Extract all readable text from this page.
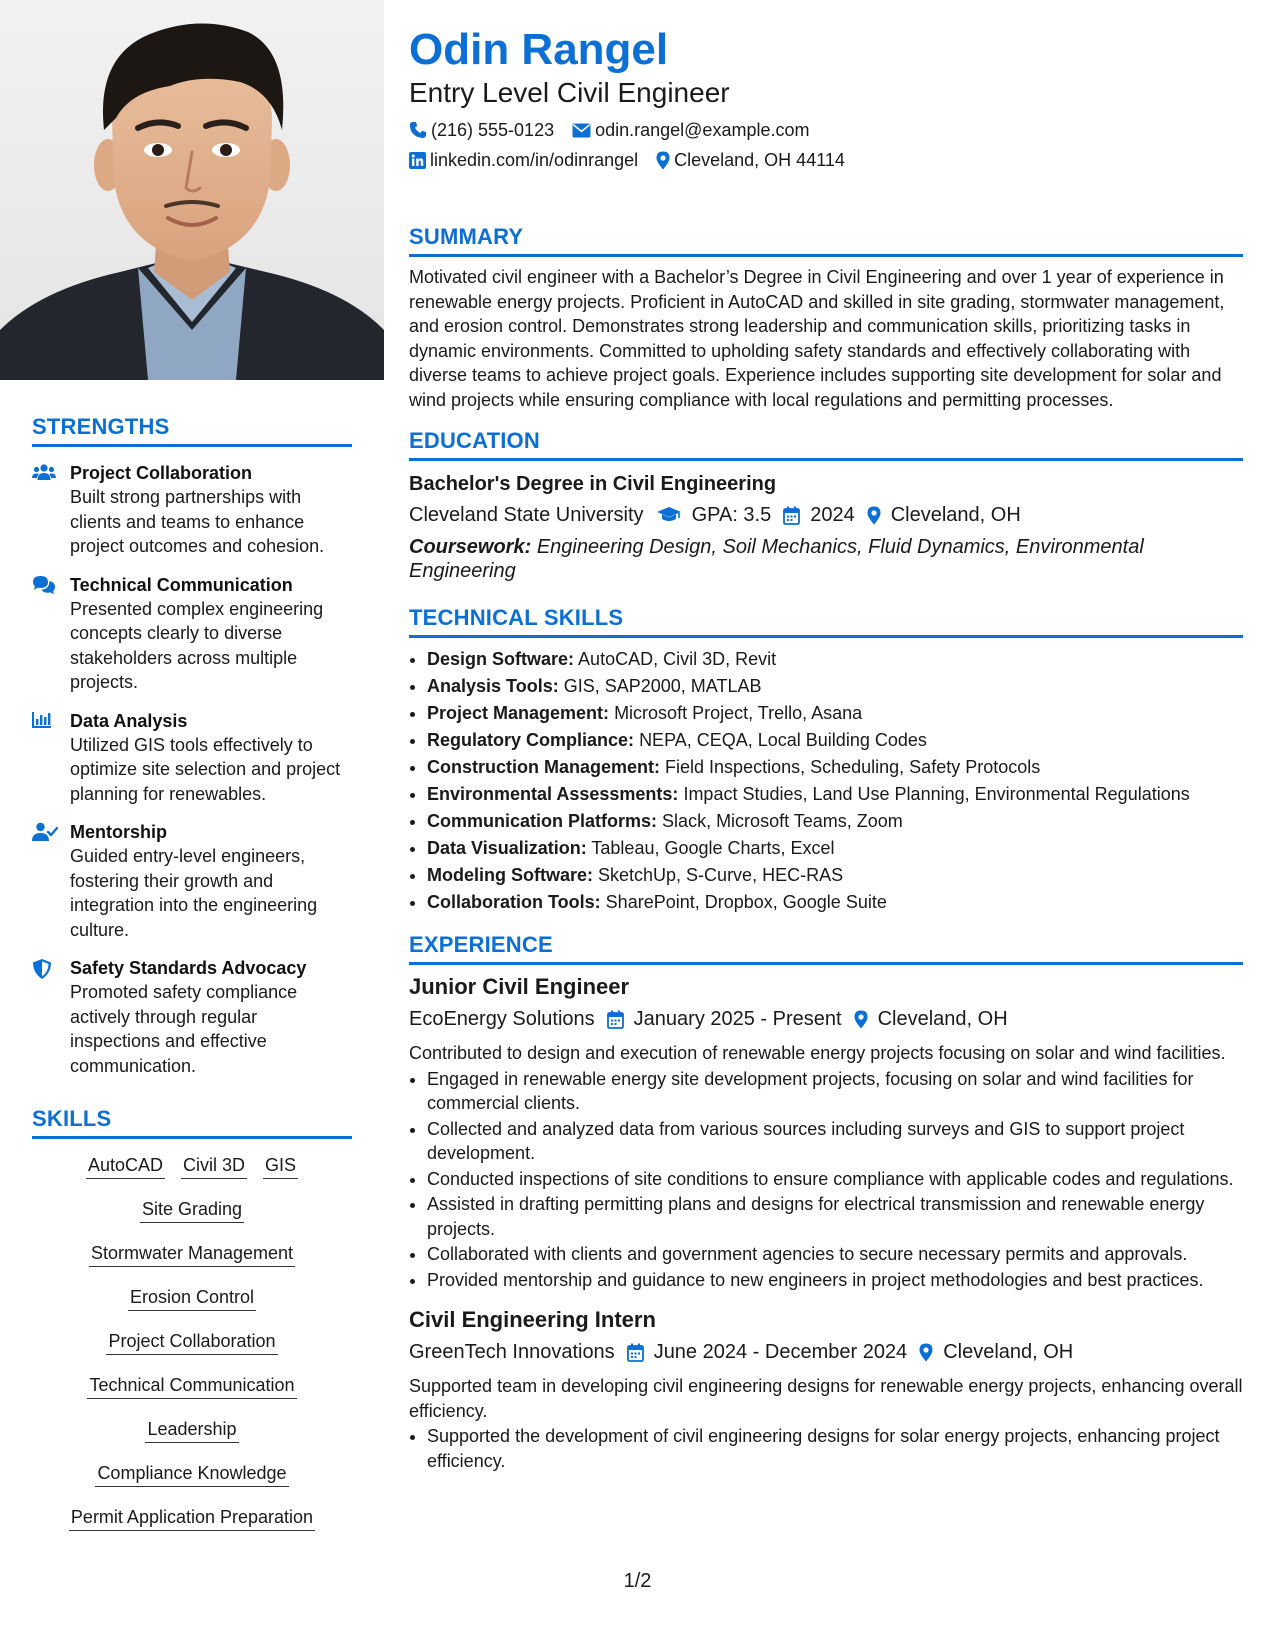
STRENGTHS
Project Collaboration
Built strong partnerships with clients and teams to enhance project outcomes and cohesion.
Technical Communication
Presented complex engineering concepts clearly to diverse stakeholders across multiple projects.
Data Analysis
Utilized GIS tools effectively to optimize site selection and project planning for renewables.
Mentorship
Guided entry-level engineers, fostering their growth and integration into the engineering culture.
Safety Standards Advocacy
Promoted safety compliance actively through regular inspections and effective communication.
SKILLS
AutoCAD Civil 3D GIS
Site Grading
Stormwater Management
Erosion Control
Project Collaboration
Technical Communication
Leadership
Compliance Knowledge
Permit Application Preparation
Odin Rangel
Entry Level Civil Engineer
(216) 555-0123 odin.rangel@example.com
linkedin.com/in/odinrangel Cleveland, OH 44114
SUMMARY
Motivated civil engineer with a Bachelor’s Degree in Civil Engineering and over 1 year of experience in renewable energy projects. Proficient in AutoCAD and skilled in site grading, stormwater management, and erosion control. Demonstrates strong leadership and communication skills, prioritizing tasks in dynamic environments. Committed to upholding safety standards and effectively collaborating with diverse teams to achieve project goals. Experience includes supporting site development for solar and wind projects while ensuring compliance with local regulations and permitting processes.
EDUCATION
Bachelor's Degree in Civil Engineering
Cleveland State University GPA: 3.5 2024 Cleveland, OH
Coursework: Engineering Design, Soil Mechanics, Fluid Dynamics, Environmental Engineering
TECHNICAL SKILLS
• Design Software: AutoCAD, Civil 3D, Revit
• Analysis Tools: GIS, SAP2000, MATLAB
• Project Management: Microsoft Project, Trello, Asana
• Regulatory Compliance: NEPA, CEQA, Local Building Codes
• Construction Management: Field Inspections, Scheduling, Safety Protocols
• Environmental Assessments: Impact Studies, Land Use Planning, Environmental Regulations
• Communication Platforms: Slack, Microsoft Teams, Zoom
• Data Visualization: Tableau, Google Charts, Excel
• Modeling Software: SketchUp, S-Curve, HEC-RAS
• Collaboration Tools: SharePoint, Dropbox, Google Suite
EXPERIENCE
Junior Civil Engineer
EcoEnergy Solutions January 2025 - Present Cleveland, OH
Contributed to design and execution of renewable energy projects focusing on solar and wind facilities.
• Engaged in renewable energy site development projects, focusing on solar and wind facilities for commercial clients.
• Collected and analyzed data from various sources including surveys and GIS to support project development.
• Conducted inspections of site conditions to ensure compliance with applicable codes and regulations.
• Assisted in drafting permitting plans and designs for electrical transmission and renewable energy projects.
• Collaborated with clients and government agencies to secure necessary permits and approvals.
• Provided mentorship and guidance to new engineers in project methodologies and best practices.
Civil Engineering Intern
GreenTech Innovations June 2024 - December 2024 Cleveland, OH
Supported team in developing civil engineering designs for renewable energy projects, enhancing overall efficiency.
• Supported the development of civil engineering designs for solar energy projects, enhancing project efficiency.
1/2
